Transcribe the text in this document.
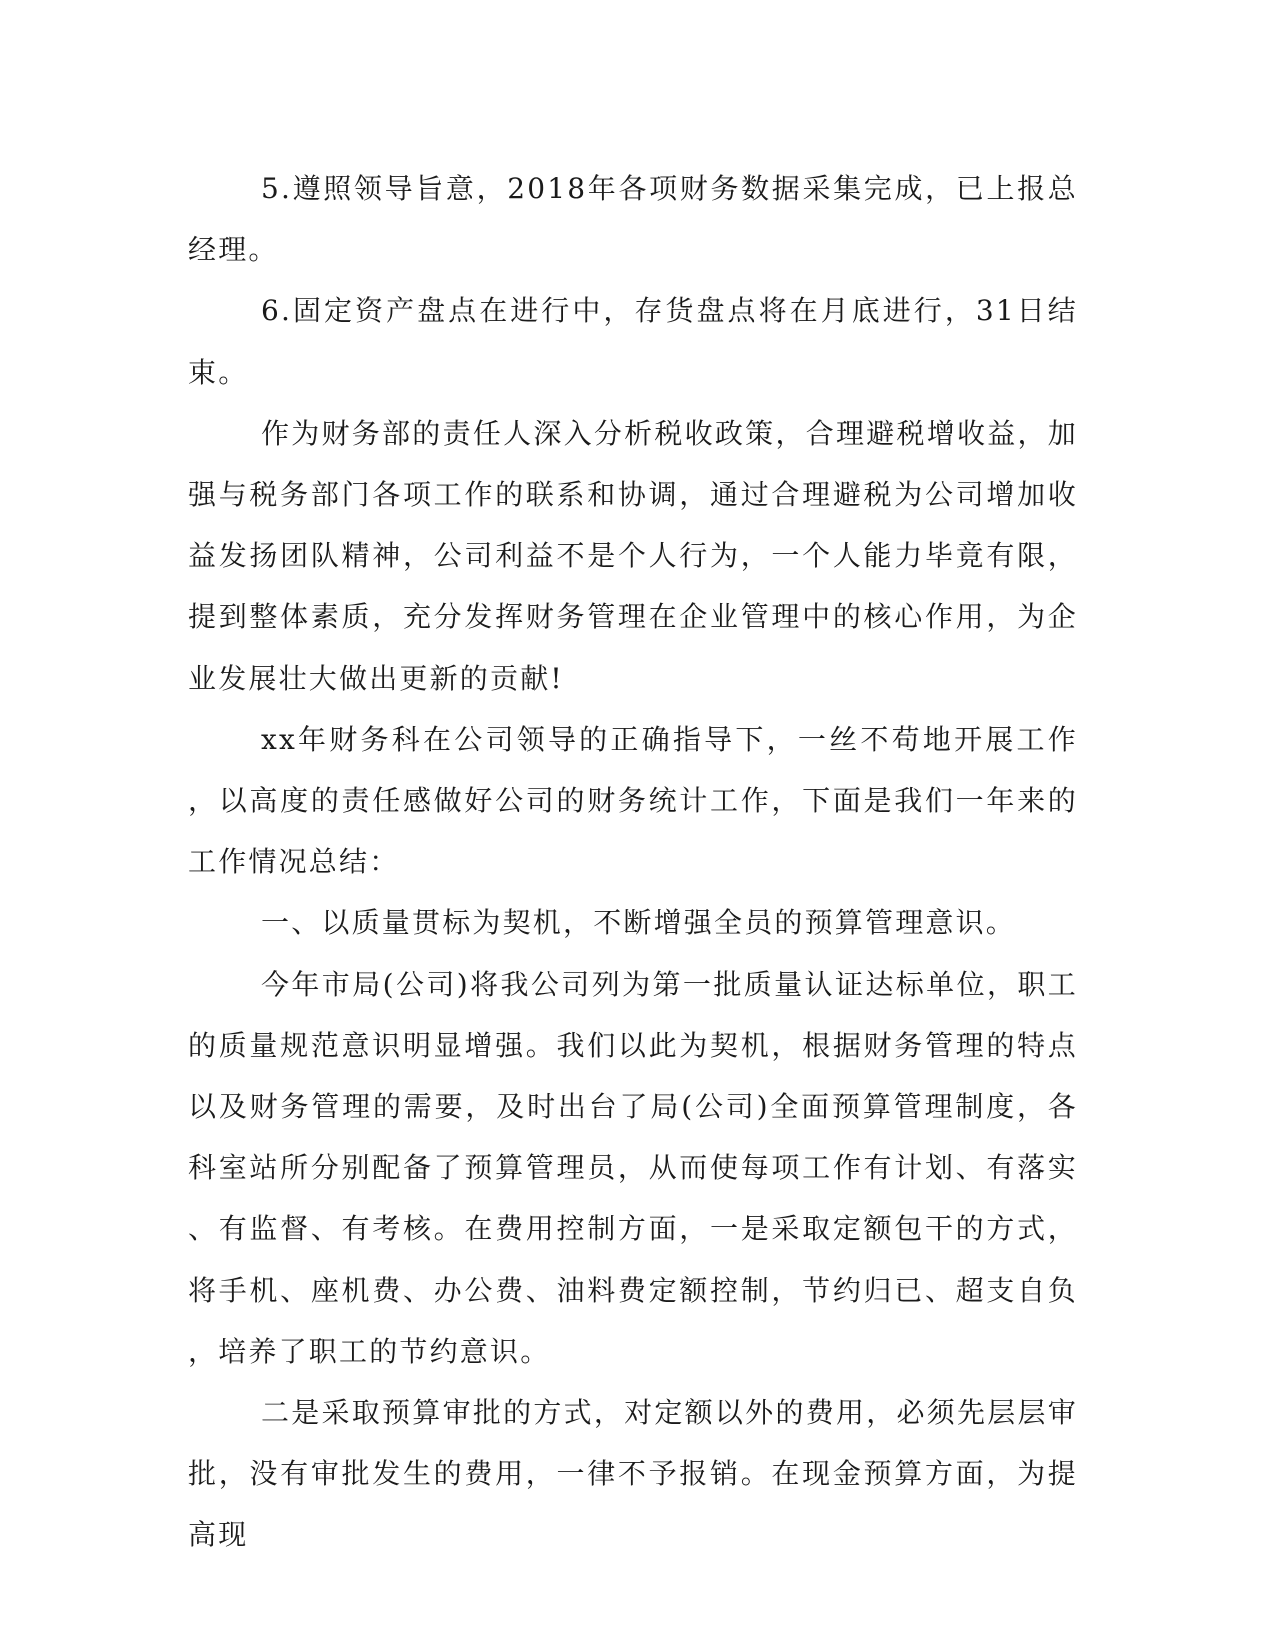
5.遵照领导旨意，2018年各项财务数据采集完成，已上报总经理。

6.固定资产盘点在进行中，存货盘点将在月底进行，31日结束。

作为财务部的责任人深入分析税收政策，合理避税增收益，加强与税务部门各项工作的联系和协调，通过合理避税为公司增加收益发扬团队精神，公司利益不是个人行为，一个人能力毕竟有限，提到整体素质，充分发挥财务管理在企业管理中的核心作用，为企业发展壮大做出更新的贡献!

xx年财务科在公司领导的正确指导下，一丝不苟地开展工作，以高度的责任感做好公司的财务统计工作，下面是我们一年来的工作情况总结：

一、以质量贯标为契机，不断增强全员的预算管理意识。

今年市局(公司)将我公司列为第一批质量认证达标单位，职工的质量规范意识明显增强。我们以此为契机，根据财务管理的特点以及财务管理的需要，及时出台了局(公司)全面预算管理制度，各科室站所分别配备了预算管理员，从而使每项工作有计划、有落实、有监督、有考核。在费用控制方面，一是采取定额包干的方式，将手机、座机费、办公费、油料费定额控制，节约归已、超支自负，培养了职工的节约意识。

二是采取预算审批的方式，对定额以外的费用，必须先层层审批，没有审批发生的费用，一律不予报销。在现金预算方面，为提高现
